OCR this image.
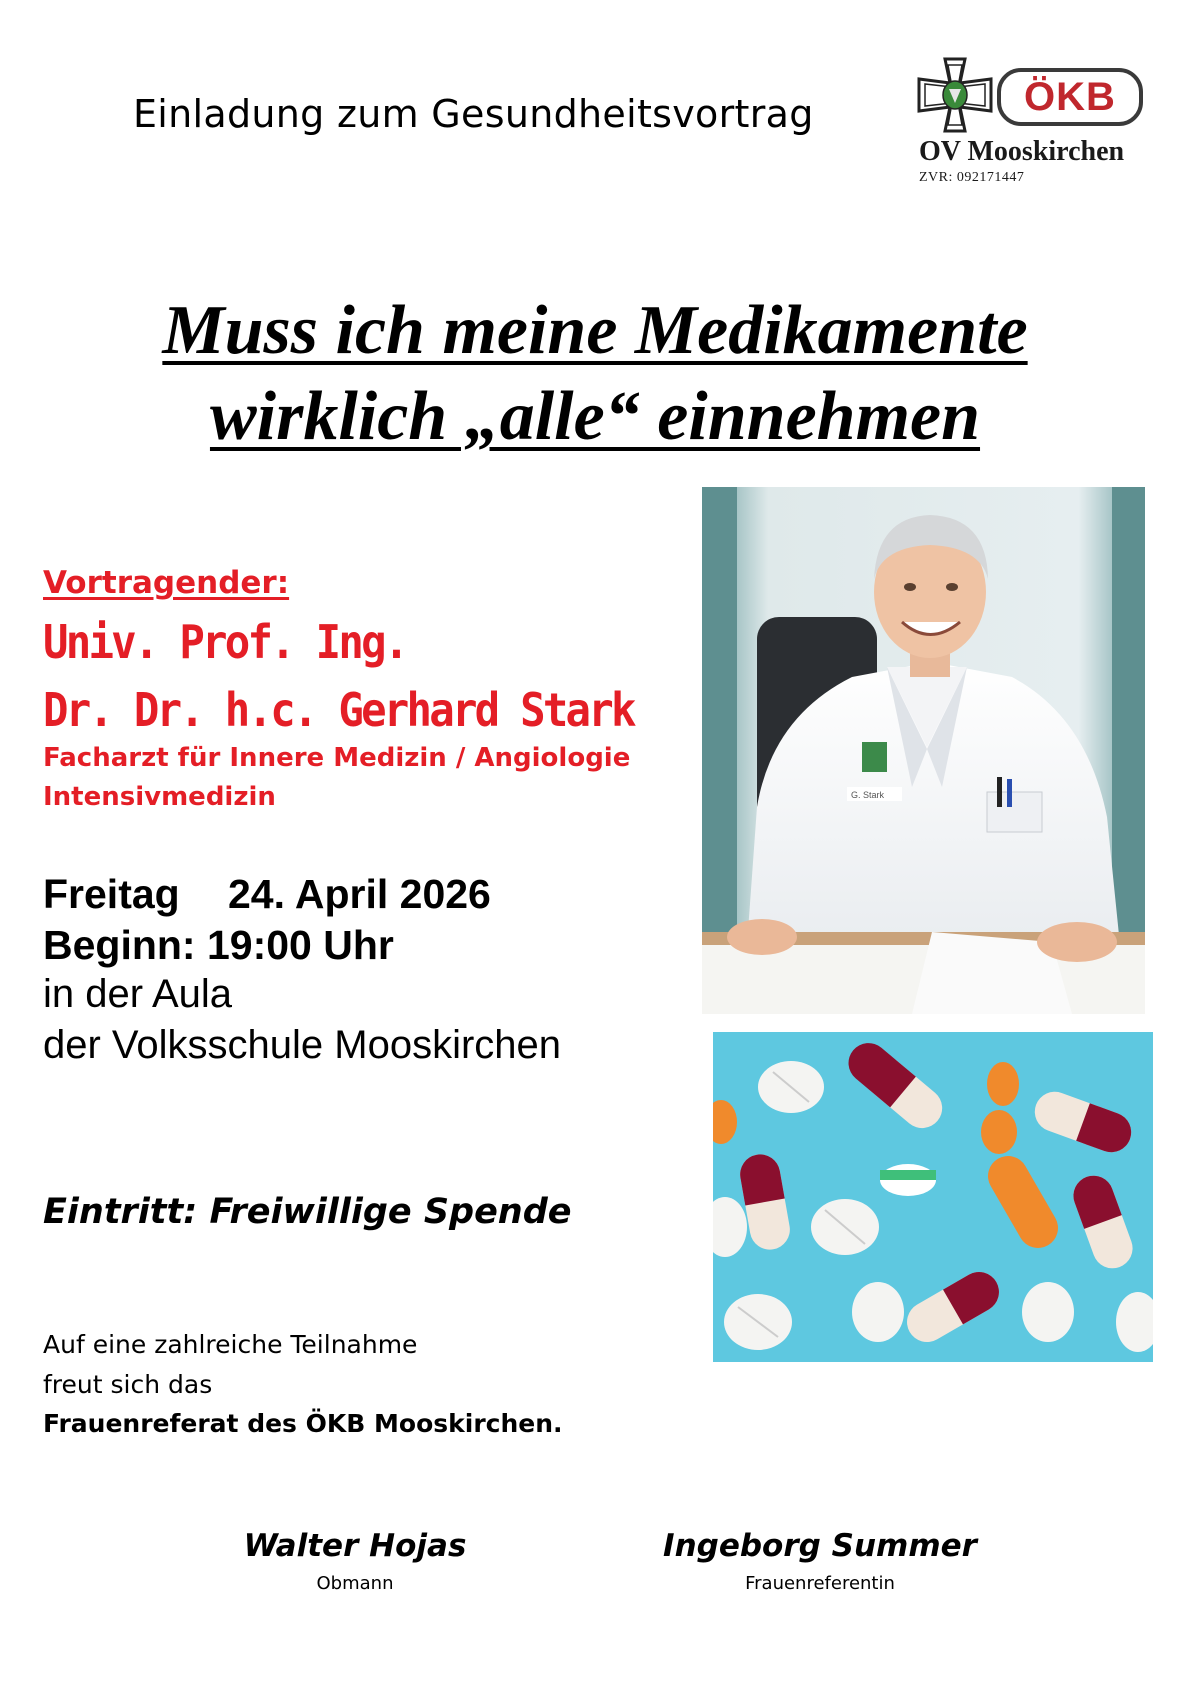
Einladung zum Gesundheitsvortrag	ÖKB
OV Mooskirchen
ZVR: 092171447
Muss ich meine Medikamente
wirklich „alle“ einnehmen
Vortragender:
Univ. Prof. Ing.
Dr. Dr. h.c. Gerhard Stark
Facharzt für Innere Medizin / Angiologie
Intensivmedizin
Freitag 24. April 2026
Beginn: 19:00 Uhr
in der Aula
der Volksschule Mooskirchen
Eintritt: Freiwillige Spende
Auf eine zahlreiche Teilnahme
freut sich das
Frauenreferat des ÖKB Mooskirchen.
Walter Hojas
Obmann
Ingeborg Summer
Frauenreferentin
G. Stark
